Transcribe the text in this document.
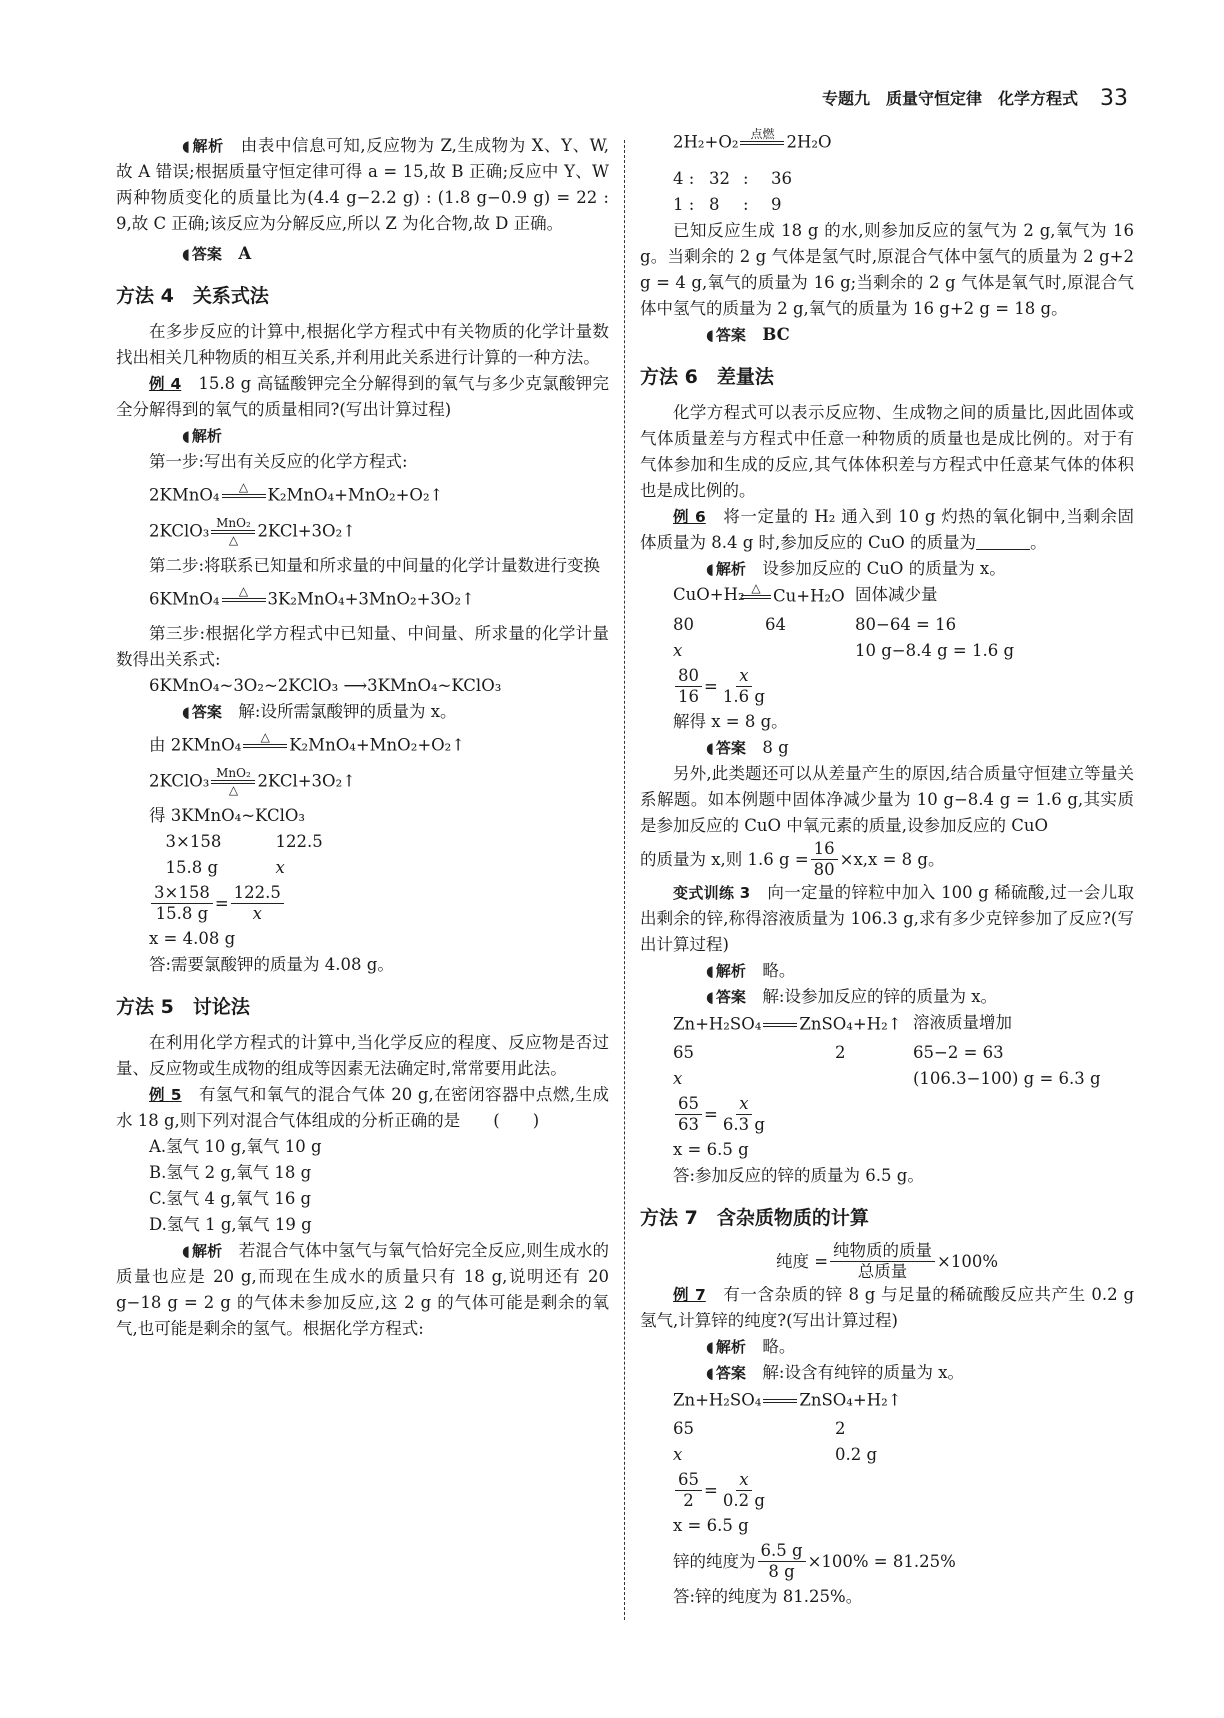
专题九 质量守恒定律 化学方程式 33

◖ 解析　 由表中信息可知,反应物为 Z,生成物为 X、Y、W,故 A 错误;根据质量守恒定律可得 a = 15,故 B 正确;反应中 Y、W 两种物质变化的质量比为(4.4 g−2.2 g) : (1.8 g−0.9 g) = 22 : 9,故 C 正确;该反应为分解反应,所以 Z 为化合物,故 D 正确。

◖ 答案　 A

方法 4　关系式法

在多步反应的计算中,根据化学方程式中有关物质的化学计量数找出相关几种物质的相互关系,并利用此关系进行计算的一种方法。

例 4　 15.8 g 高锰酸钾完全分解得到的氧气与多少克氯酸钾完全分解得到的氧气的质量相同?(写出计算过程)

◖ 解析

第一步:写出有关反应的化学方程式:

2KMnO₄ △ K₂MnO₄+MnO₂+O₂↑
2KClO₃ MnO₂
△ 2KCl+3O₂↑

第二步:将联系已知量和所求量的中间量的化学计量数进行变换

6KMnO₄ △ 3K₂MnO₄+3MnO₂+3O₂↑

第三步:根据化学方程式中已知量、中间量、所求量的化学计量数得出关系式:

6KMnO₄~3O₂~2KClO₃ ⟶3KMnO₄~KClO₃

◖ 答案　 解:设所需氯酸钾的质量为 x。

由 2KMnO₄ △ K₂MnO₄+MnO₂+O₂↑
2KClO₃ MnO₂
△ 2KCl+3O₂↑

得 3KMnO₄~KClO₃

3×158	122.5
15.8 g	x
$\frac{3\times 158}{15.8 g} = \frac{122.5}{x}$

x = 4.08 g

答:需要氯酸钾的质量为 4.08 g。

方法 5　讨论法

在利用化学方程式的计算中,当化学反应的程度、反应物是否过量、反应物或生成物的组成等因素无法确定时,常常要用此法。

例 5　 有氢气和氧气的混合气体 20 g,在密闭容器中点燃,生成水 18 g,则下列对混合气体组成的分析正确的是　　(　　)

A.氢气 10 g,氧气 10 g

B.氢气 2 g,氧气 18 g

C.氢气 4 g,氧气 16 g

D.氢气 1 g,氧气 19 g

◖ 解析　 若混合气体中氢气与氧气恰好完全反应,则生成水的质量也应是 20 g,而现在生成水的质量只有 18 g,说明还有 20 g−18 g = 2 g 的气体未参加反应,这 2 g 的气体可能是剩余的氧气,也可能是剩余的氢气。根据化学方程式:

2H₂+O₂ 点燃 2H₂O
4 : 32 :	36
1 : 8	:	9

已知反应生成 18 g 的水,则参加反应的氢气为 2 g,氧气为 16 g。当剩余的 2 g 气体是氢气时,原混合气体中氢气的质量为 2 g+2 g = 4 g,氧气的质量为 16 g;当剩余的 2 g 气体是氧气时,原混合气体中氢气的质量为 2 g,氧气的质量为 16 g+2 g = 18 g。

◖ 答案　 BC

方法 6　差量法

化学方程式可以表示反应物、生成物之间的质量比,因此固体或气体质量差与方程式中任意一种物质的质量也是成比例的。对于有气体参加和生成的反应,其气体体积差与方程式中任意某气体的体积也是成比例的。

例 6　 将一定量的 H₂ 通入到 10 g 灼热的氧化铜中,当剩余固体质量为 8.4 g 时,参加反应的 CuO 的质量为	。

◖ 解析　 设参加反应的 CuO 的质量为 x。

CuO+H₂ △ Cu+H₂O 固体减少量
80	64	80−64 = 16
x	10 g−8.4 g = 1.6 g
$\frac{80}{16} = \frac{x}{1.6 g}$

解得 x = 8 g。

◖ 答案　 8 g

另外,此类题还可以从差量产生的原因,结合质量守恒建立等量关系解题。如本例题中固体净减少量为 10 g−8.4 g = 1.6 g,其实质是参加反应的 CuO 中氧元素的质量,设参加反应的 CuO

的质量为 x,则 1.6 $g = \frac{16}{80} \times x,x = 8$ g。

变式训练 3　 向一定量的锌粒中加入 100 g 稀硫酸,过一会儿取出剩余的锌,称得溶液质量为 106.3 g,求有多少克锌参加了反应?(写出计算过程)

◖ 解析　 略。

◖ 答案　 解:设参加反应的锌的质量为 x。

Zn+H₂SO₄ ZnSO₄+H₂↑ 溶液质量增加
65	2	65−2 = 63
x	(106.3−100) g = 6.3 g
$\frac{65}{63} = \frac{x}{6.3 g}$

x = 6.5 g

答:参加反应的锌的质量为 6.5 g。

方法 7　含杂质物质的计算
纯度 = $\frac{\text{纯物质的质量}}{\text{总质量}} \times 100\%$

例 7　 有一含杂质的锌 8 g 与足量的稀硫酸反应共产生 0.2 g 氢气,计算锌的纯度?(写出计算过程)

◖ 解析　 略。

◖ 答案　 解:设含有纯锌的质量为 x。

Zn+H₂SO₄ ZnSO₄+H₂↑
65	2
x	0.2 g
$\frac{65}{2} = \frac{x}{0.2 g}$

x = 6.5 g

锌的纯度为 $\frac{6.5 g}{8 g} \times 100\% = 81.25\%$

答:锌的纯度为 81.25%。
